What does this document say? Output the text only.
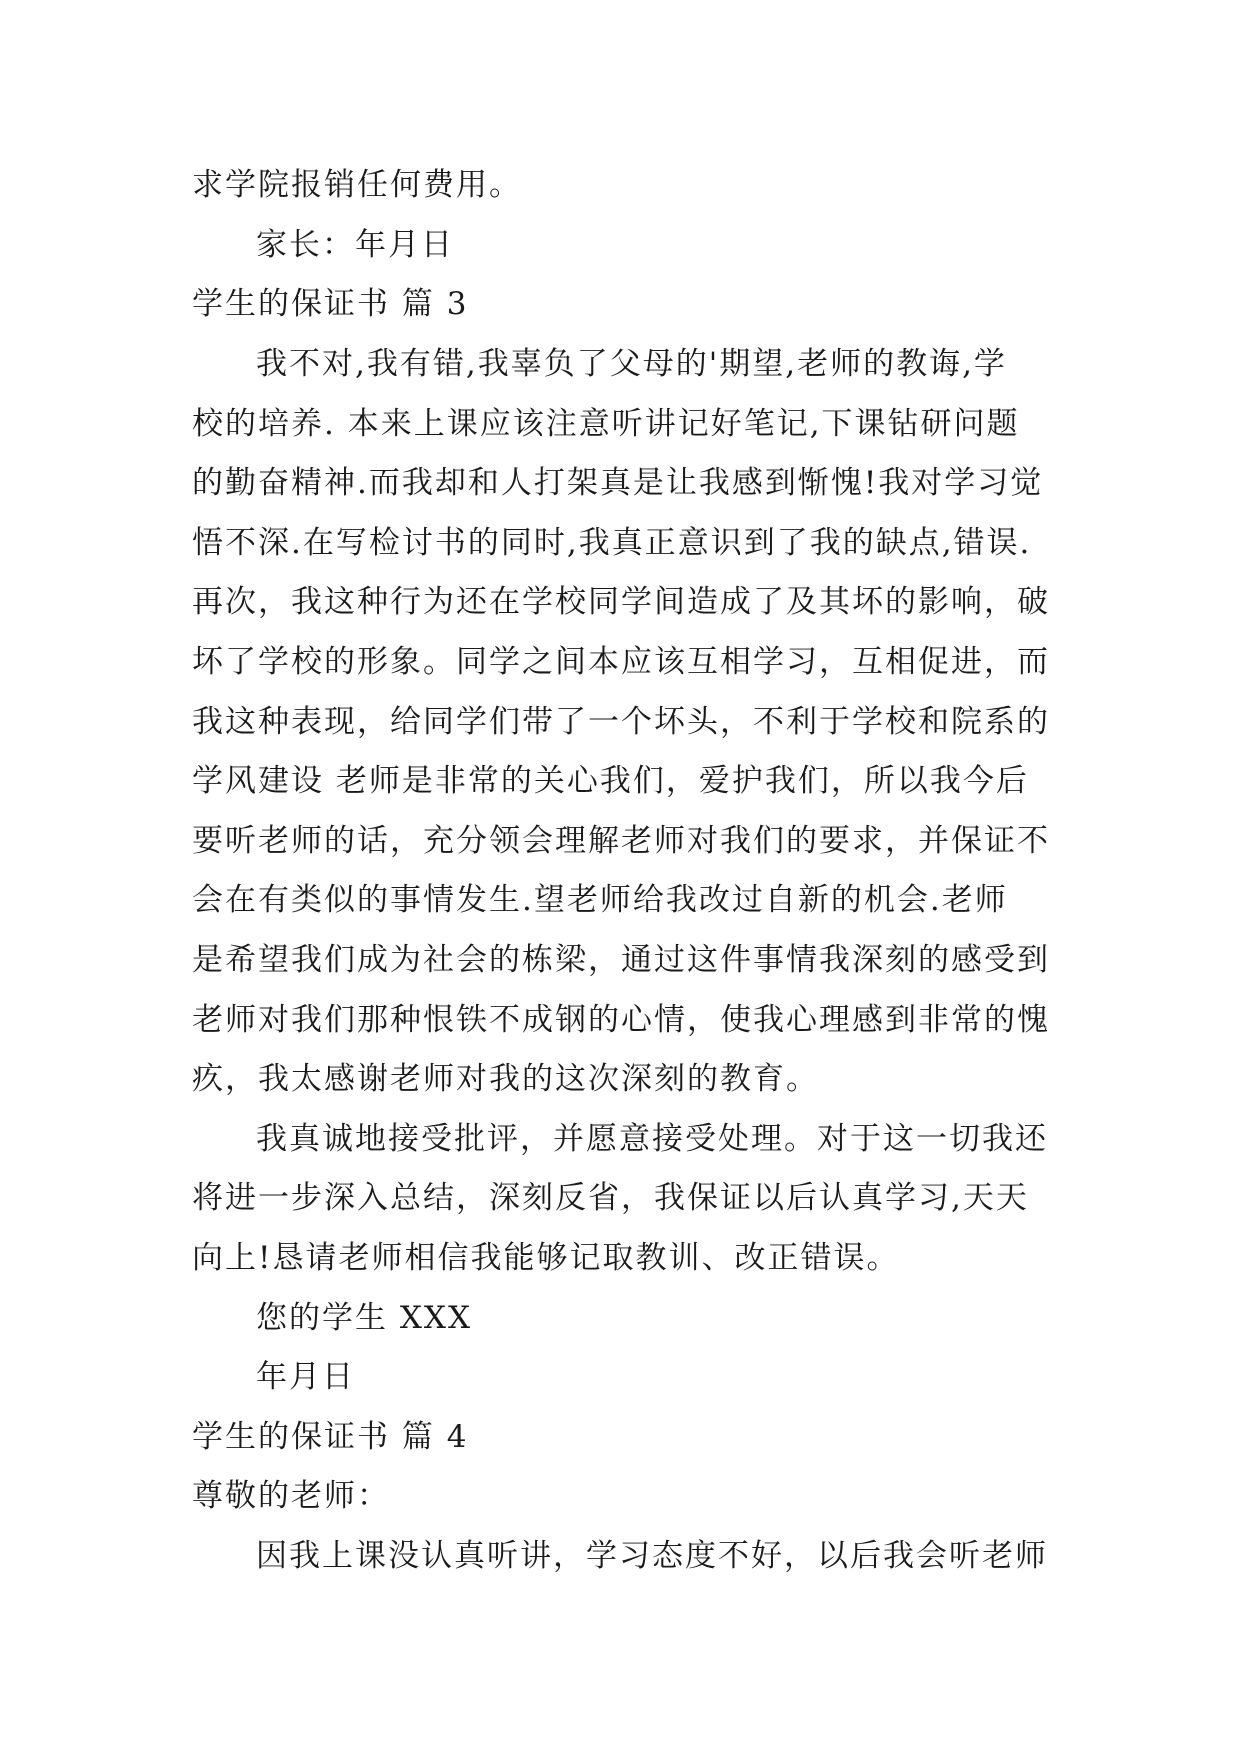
求学院报销任何费用。
家长：年月日
学生的保证书 篇 3
我不对,我有错,我辜负了父母的'期望,老师的教诲,学
校的培养. 本来上课应该注意听讲记好笔记,下课钻研问题
的勤奋精神.而我却和人打架真是让我感到惭愧!我对学习觉
悟不深.在写检讨书的同时,我真正意识到了我的缺点,错误.
再次，我这种行为还在学校同学间造成了及其坏的影响，破
坏了学校的形象。同学之间本应该互相学习，互相促进，而
我这种表现，给同学们带了一个坏头，不利于学校和院系的
学风建设 老师是非常的关心我们，爱护我们，所以我今后
要听老师的话，充分领会理解老师对我们的要求，并保证不
会在有类似的事情发生.望老师给我改过自新的机会.老师
是希望我们成为社会的栋梁，通过这件事情我深刻的感受到
老师对我们那种恨铁不成钢的心情，使我心理感到非常的愧
疚，我太感谢老师对我的这次深刻的教育。
我真诚地接受批评，并愿意接受处理。对于这一切我还
将进一步深入总结，深刻反省，我保证以后认真学习,天天
向上!恳请老师相信我能够记取教训、改正错误。
您的学生 XXX
年月日
学生的保证书 篇 4
尊敬的老师：
因我上课没认真听讲，学习态度不好，以后我会听老师
